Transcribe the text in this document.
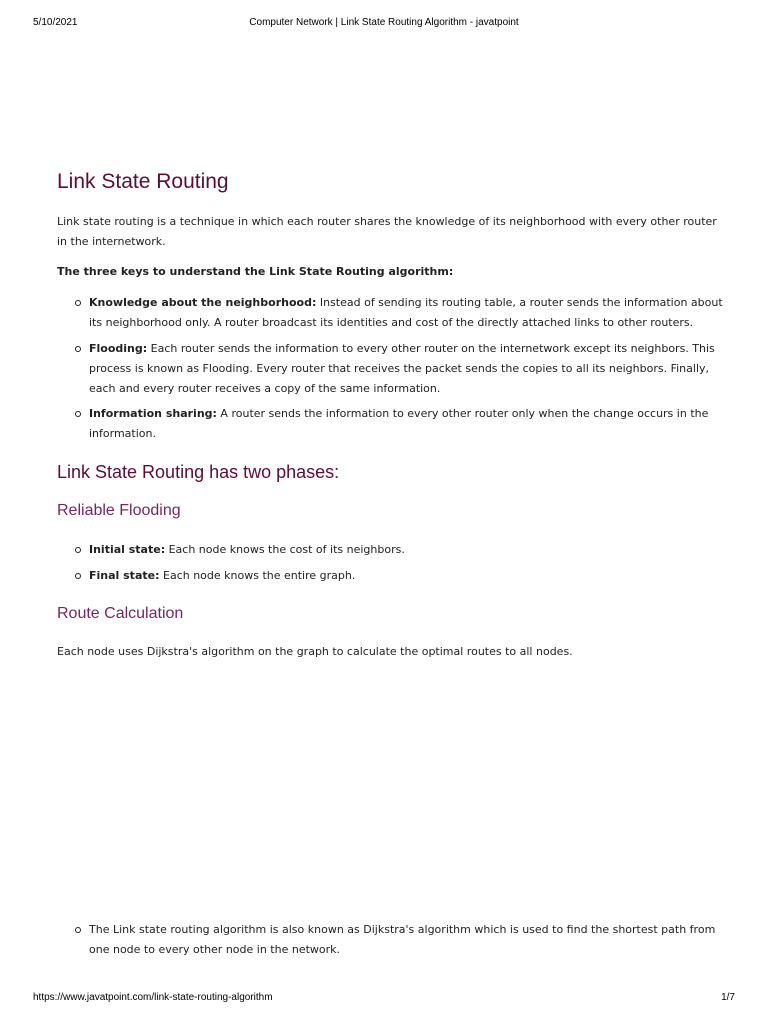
5/10/2021	Computer Network | Link State Routing Algorithm - javatpoint
Link State Routing

Link state routing is a technique in which each router shares the knowledge of its neighborhood with every other router in the internetwork.

The three keys to understand the Link State Routing algorithm:

Knowledge about the neighborhood: Instead of sending its routing table, a router sends the information about its neighborhood only. A router broadcast its identities and cost of the directly attached links to other routers.
Flooding: Each router sends the information to every other router on the internetwork except its neighbors. This process is known as Flooding. Every router that receives the packet sends the copies to all its neighbors. Finally, each and every router receives a copy of the same information.
Information sharing: A router sends the information to every other router only when the change occurs in the information.
Link State Routing has two phases:
Reliable Flooding
Initial state: Each node knows the cost of its neighbors.
Final state: Each node knows the entire graph.
Route Calculation

Each node uses Dijkstra's algorithm on the graph to calculate the optimal routes to all nodes.

The Link state routing algorithm is also known as Dijkstra's algorithm which is used to find the shortest path from one node to every other node in the network.
https://www.javatpoint.com/link-state-routing-algorithm	1/7
